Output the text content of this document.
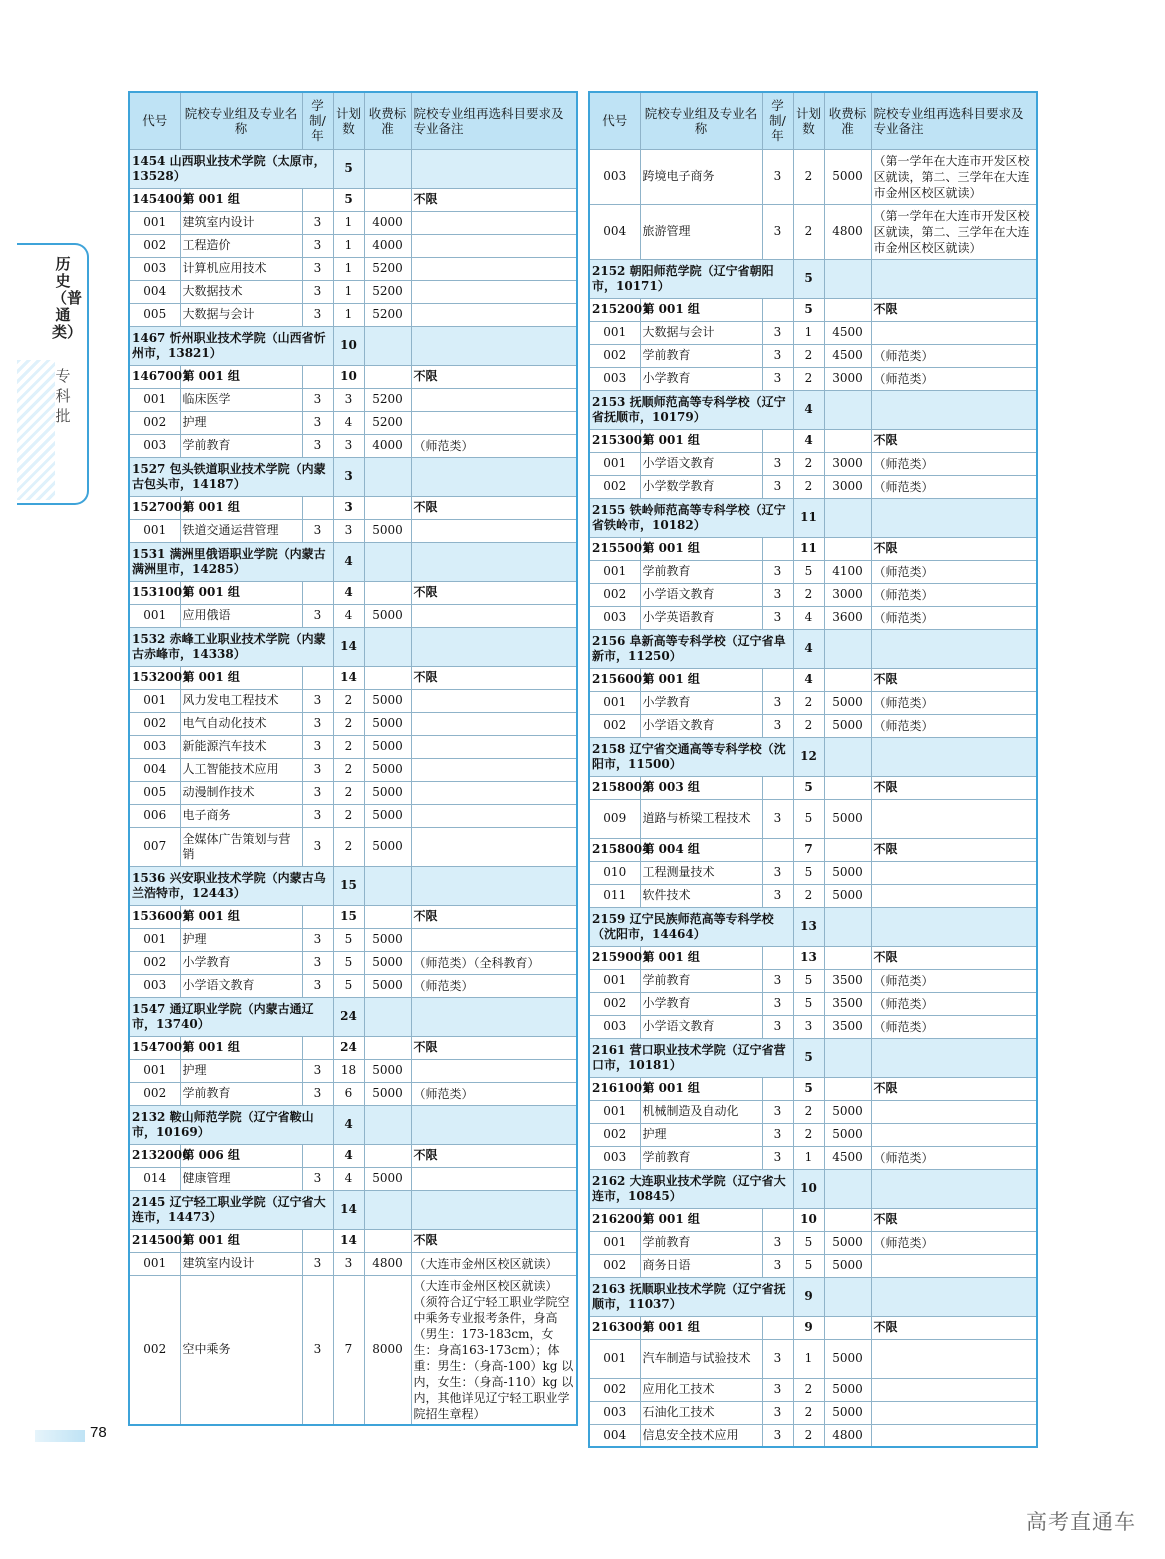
历史（普通类）
专科批
代号	院校专业组及专业名称	学制/年	计划数	收费标准	院校专业组再选科目要求及专业备注
1454 山西职业技术学院（太原市，13528）			5		
1454001	第 001 组		5		不限
001	建筑室内设计	3	1	4000	
002	工程造价	3	1	4000	
003	计算机应用技术	3	1	5200	
004	大数据技术	3	1	5200	
005	大数据与会计	3	1	5200	
1467 忻州职业技术学院（山西省忻州市，13821）			10		
1467001	第 001 组		10		不限
001	临床医学	3	3	5200	
002	护理	3	4	5200	
003	学前教育	3	3	4000	（师范类）
1527 包头铁道职业技术学院（内蒙古包头市，14187）			3		
1527001	第 001 组		3		不限
001	铁道交通运营管理	3	3	5000	
1531 满洲里俄语职业学院（内蒙古满洲里市，14285）			4		
1531001	第 001 组		4		不限
001	应用俄语	3	4	5000	
1532 赤峰工业职业技术学院（内蒙古赤峰市，14338）			14		
1532001	第 001 组		14		不限
001	风力发电工程技术	3	2	5000	
002	电气自动化技术	3	2	5000	
003	新能源汽车技术	3	2	5000	
004	人工智能技术应用	3	2	5000	
005	动漫制作技术	3	2	5000	
006	电子商务	3	2	5000	
007	全媒体广告策划与营销	3	2	5000	
1536 兴安职业技术学院（内蒙古乌兰浩特市，12443）			15		
1536001	第 001 组		15		不限
001	护理	3	5	5000	
002	小学教育	3	5	5000	（师范类）（全科教育）
003	小学语文教育	3	5	5000	（师范类）
1547 通辽职业学院（内蒙古通辽市，13740）			24		
1547001	第 001 组		24		不限
001	护理	3	18	5000	
002	学前教育	3	6	5000	（师范类）
2132 鞍山师范学院（辽宁省鞍山市，10169）			4		
2132006	第 006 组		4		不限
014	健康管理	3	4	5000	
2145 辽宁轻工职业学院（辽宁省大连市，14473）			14		
2145001	第 001 组		14		不限
001	建筑室内设计	3	3	4800	（大连市金州区校区就读）
002	空中乘务	3	7	8000	（大连市金州区校区就读）（须符合辽宁轻工职业学院空中乘务专业报考条件，身高（男生：173-183cm，女生：身高163-173cm）；体重：男生：（身高-100）kg 以内，女生：（身高-110）kg 以内，其他详见辽宁轻工职业学院招生章程）
代号	院校专业组及专业名称	学制/年	计划数	收费标准	院校专业组再选科目要求及专业备注
003	跨境电子商务	3	2	5000	（第一学年在大连市开发区校区就读，第二、三学年在大连市金州区校区就读）
004	旅游管理	3	2	4800	（第一学年在大连市开发区校区就读，第二、三学年在大连市金州区校区就读）
2152 朝阳师范学院（辽宁省朝阳市，10171）			5		
2152001	第 001 组		5		不限
001	大数据与会计	3	1	4500	
002	学前教育	3	2	4500	（师范类）
003	小学教育	3	2	3000	（师范类）
2153 抚顺师范高等专科学校（辽宁省抚顺市，10179）			4		
2153001	第 001 组		4		不限
001	小学语文教育	3	2	3000	（师范类）
002	小学数学教育	3	2	3000	（师范类）
2155 铁岭师范高等专科学校（辽宁省铁岭市，10182）			11		
2155001	第 001 组		11		不限
001	学前教育	3	5	4100	（师范类）
002	小学语文教育	3	2	3000	（师范类）
003	小学英语教育	3	4	3600	（师范类）
2156 阜新高等专科学校（辽宁省阜新市，11250）			4		
2156001	第 001 组		4		不限
001	小学教育	3	2	5000	（师范类）
002	小学语文教育	3	2	5000	（师范类）
2158 辽宁省交通高等专科学校（沈阳市，11500）			12		
2158003	第 003 组		5		不限
009	道路与桥梁工程技术	3	5	5000	
2158004	第 004 组		7		不限
010	工程测量技术	3	5	5000	
011	软件技术	3	2	5000	
2159 辽宁民族师范高等专科学校（沈阳市，14464）			13		
2159001	第 001 组		13		不限
001	学前教育	3	5	3500	（师范类）
002	小学教育	3	5	3500	（师范类）
003	小学语文教育	3	3	3500	（师范类）
2161 营口职业技术学院（辽宁省营口市，10181）			5		
2161001	第 001 组		5		不限
001	机械制造及自动化	3	2	5000	
002	护理	3	2	5000	
003	学前教育	3	1	4500	（师范类）
2162 大连职业技术学院（辽宁省大连市，10845）			10		
2162001	第 001 组		10		不限
001	学前教育	3	5	5000	（师范类）
002	商务日语	3	5	5000	
2163 抚顺职业技术学院（辽宁省抚顺市，11037）			9		
2163001	第 001 组		9		不限
001	汽车制造与试验技术	3	1	5000	
002	应用化工技术	3	2	5000	
003	石油化工技术	3	2	5000	
004	信息安全技术应用	3	2	4800	
78
高考直通车
